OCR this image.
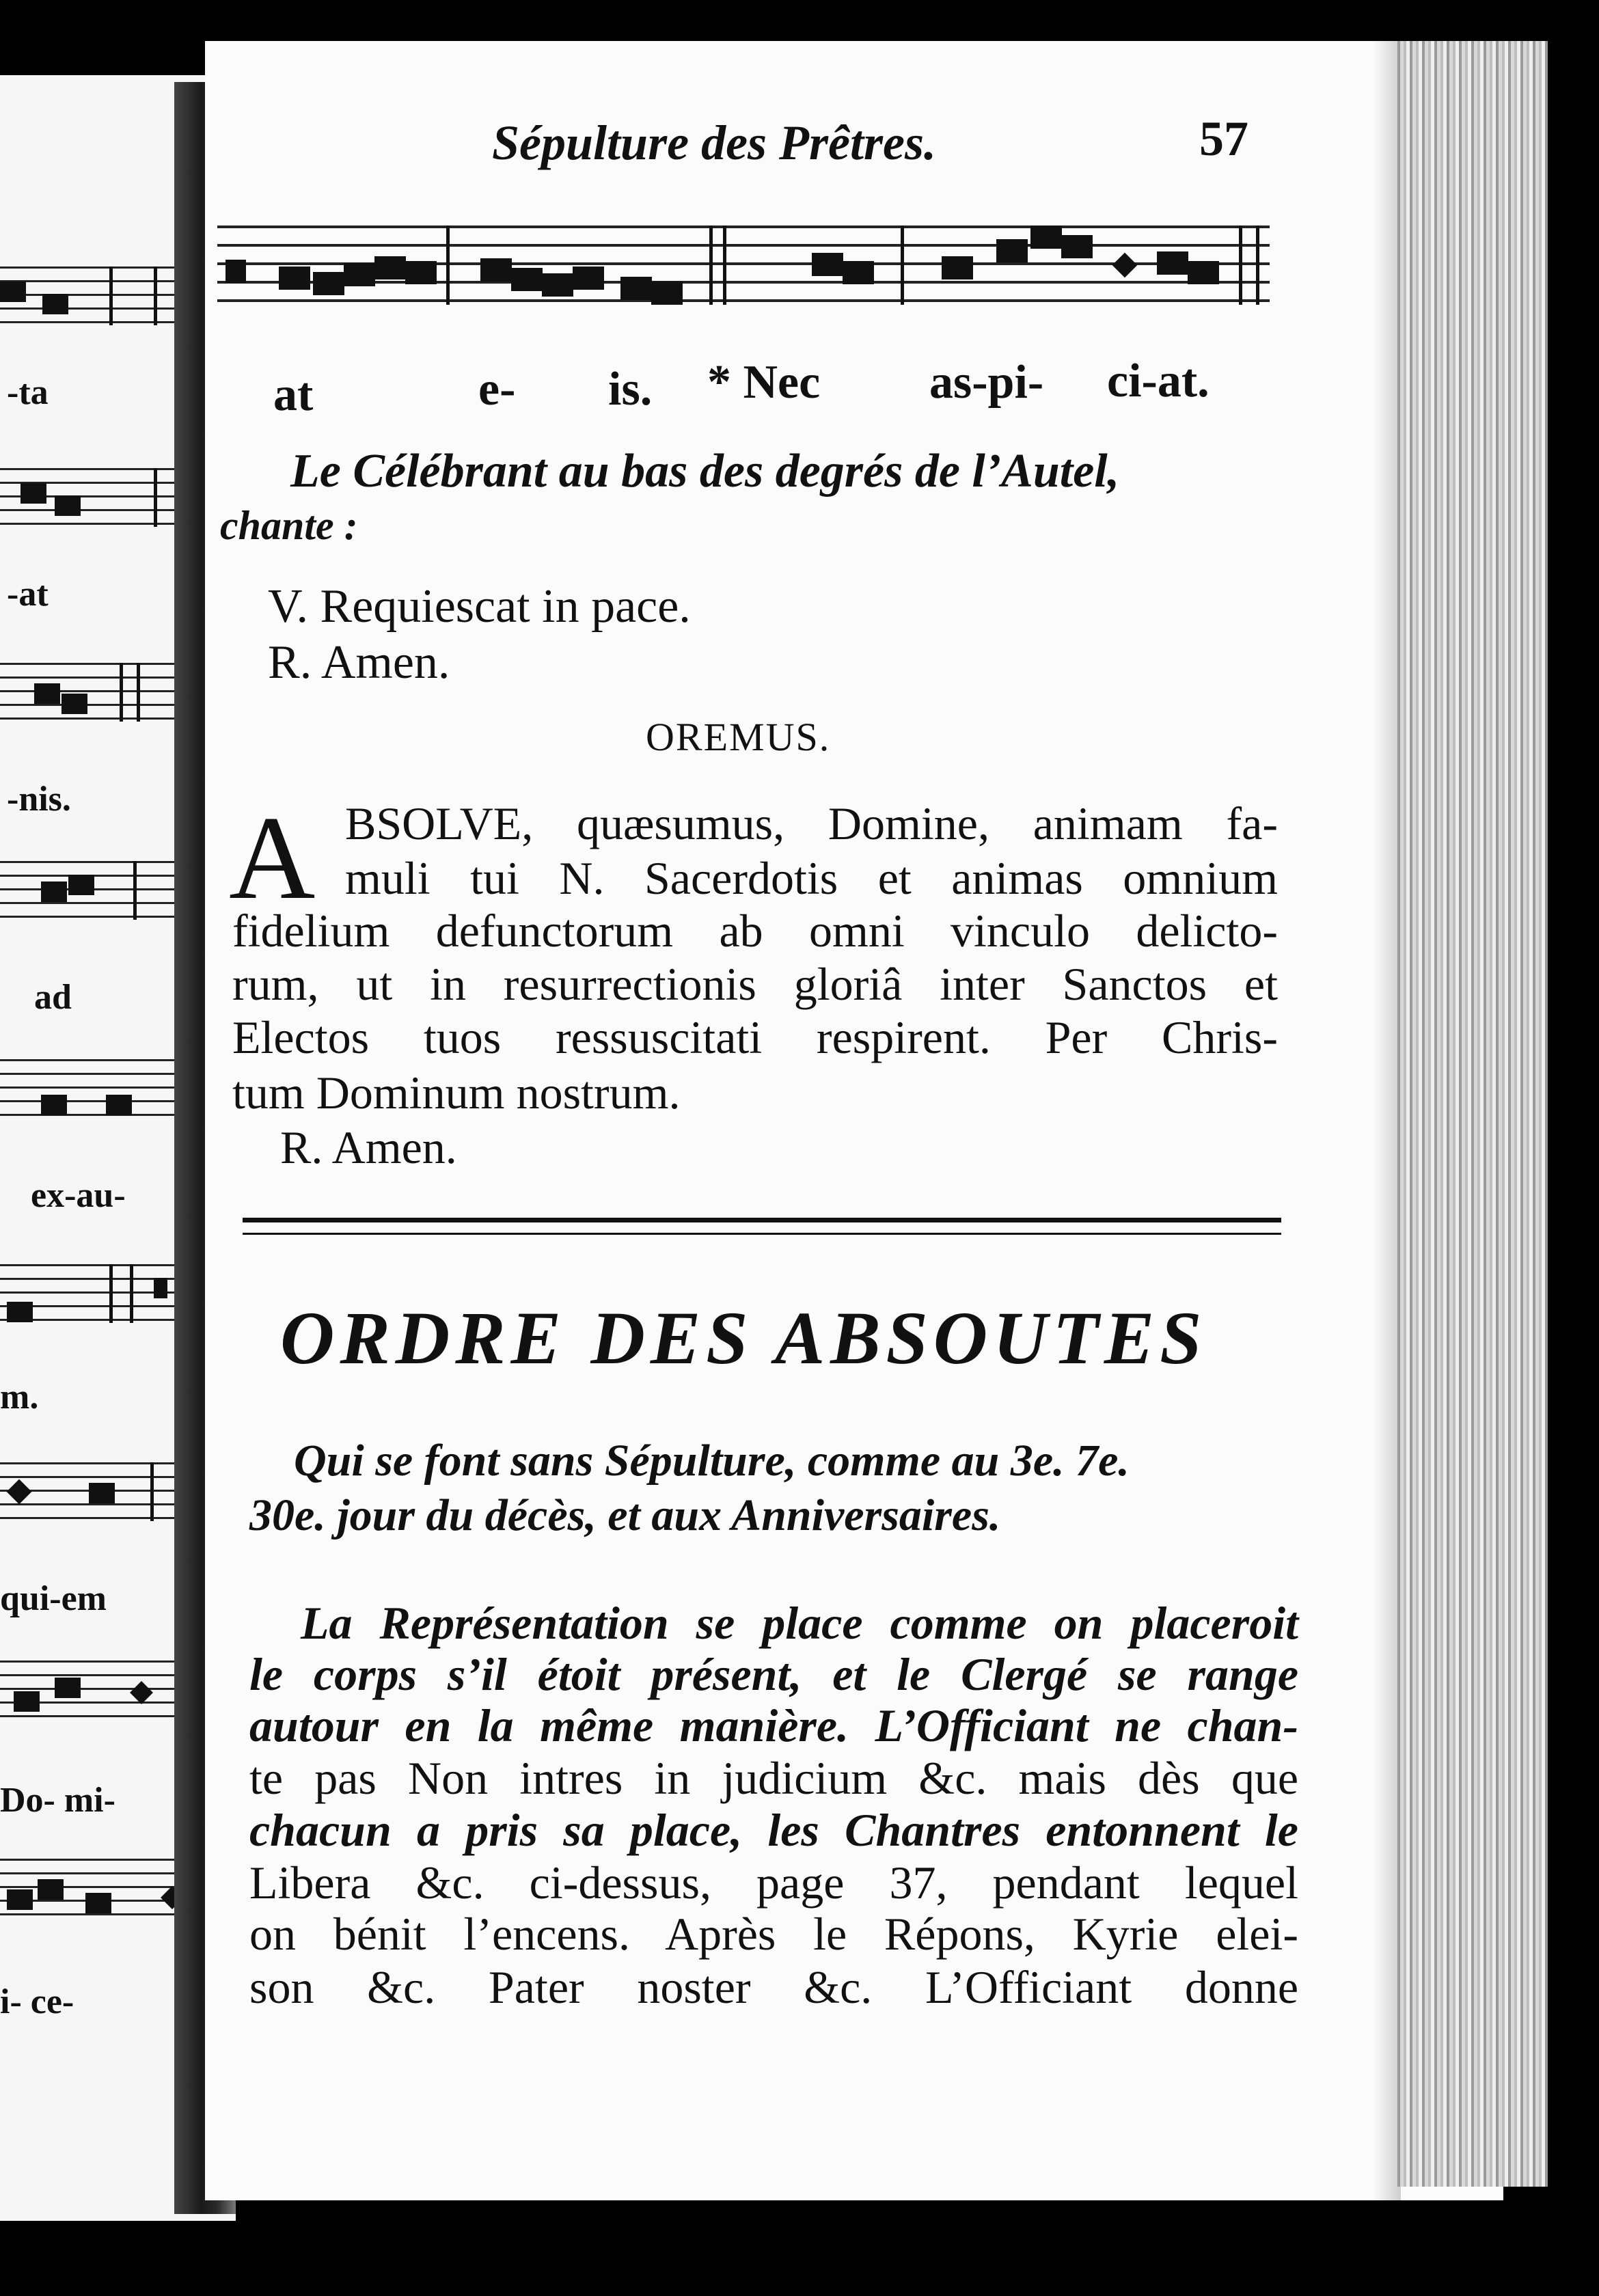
-ta
-at
-nis.
ad
ex-au-
m.
qui-em
Do- mi-
i- ce-
Sépulture des Prêtres.	57
at	e- is. * Nec as-pi- ci-at.
Le Célébrant au bas des degrés de l’Autel,
chante :
V. Requiescat in pace.
R. Amen.
OREMUS.
A BSOLVE, quæsumus, Domine, animam fa-
muli tui N. Sacerdotis et animas omnium
fidelium defunctorum ab omni vinculo delicto-
rum, ut in resurrectionis gloriâ inter Sanctos et
Electos tuos ressuscitati respirent. Per Chris-
tum Dominum nostrum.
R. Amen.
ORDRE DES ABSOUTES
Qui se font sans Sépulture, comme au 3e. 7e.
30e. jour du décès, et aux Anniversaires.
La Représentation se place comme on placeroit
le corps s’il étoit présent, et le Clergé se range
autour en la même manière. L’Officiant ne chan-
te pas Non intres in judicium &c. mais dès que
chacun a pris sa place, les Chantres entonnent le
Libera &c. ci-dessus, page 37, pendant lequel
on bénit l’encens. Après le Répons, Kyrie elei-
son &c. Pater noster &c. L’Officiant donne
